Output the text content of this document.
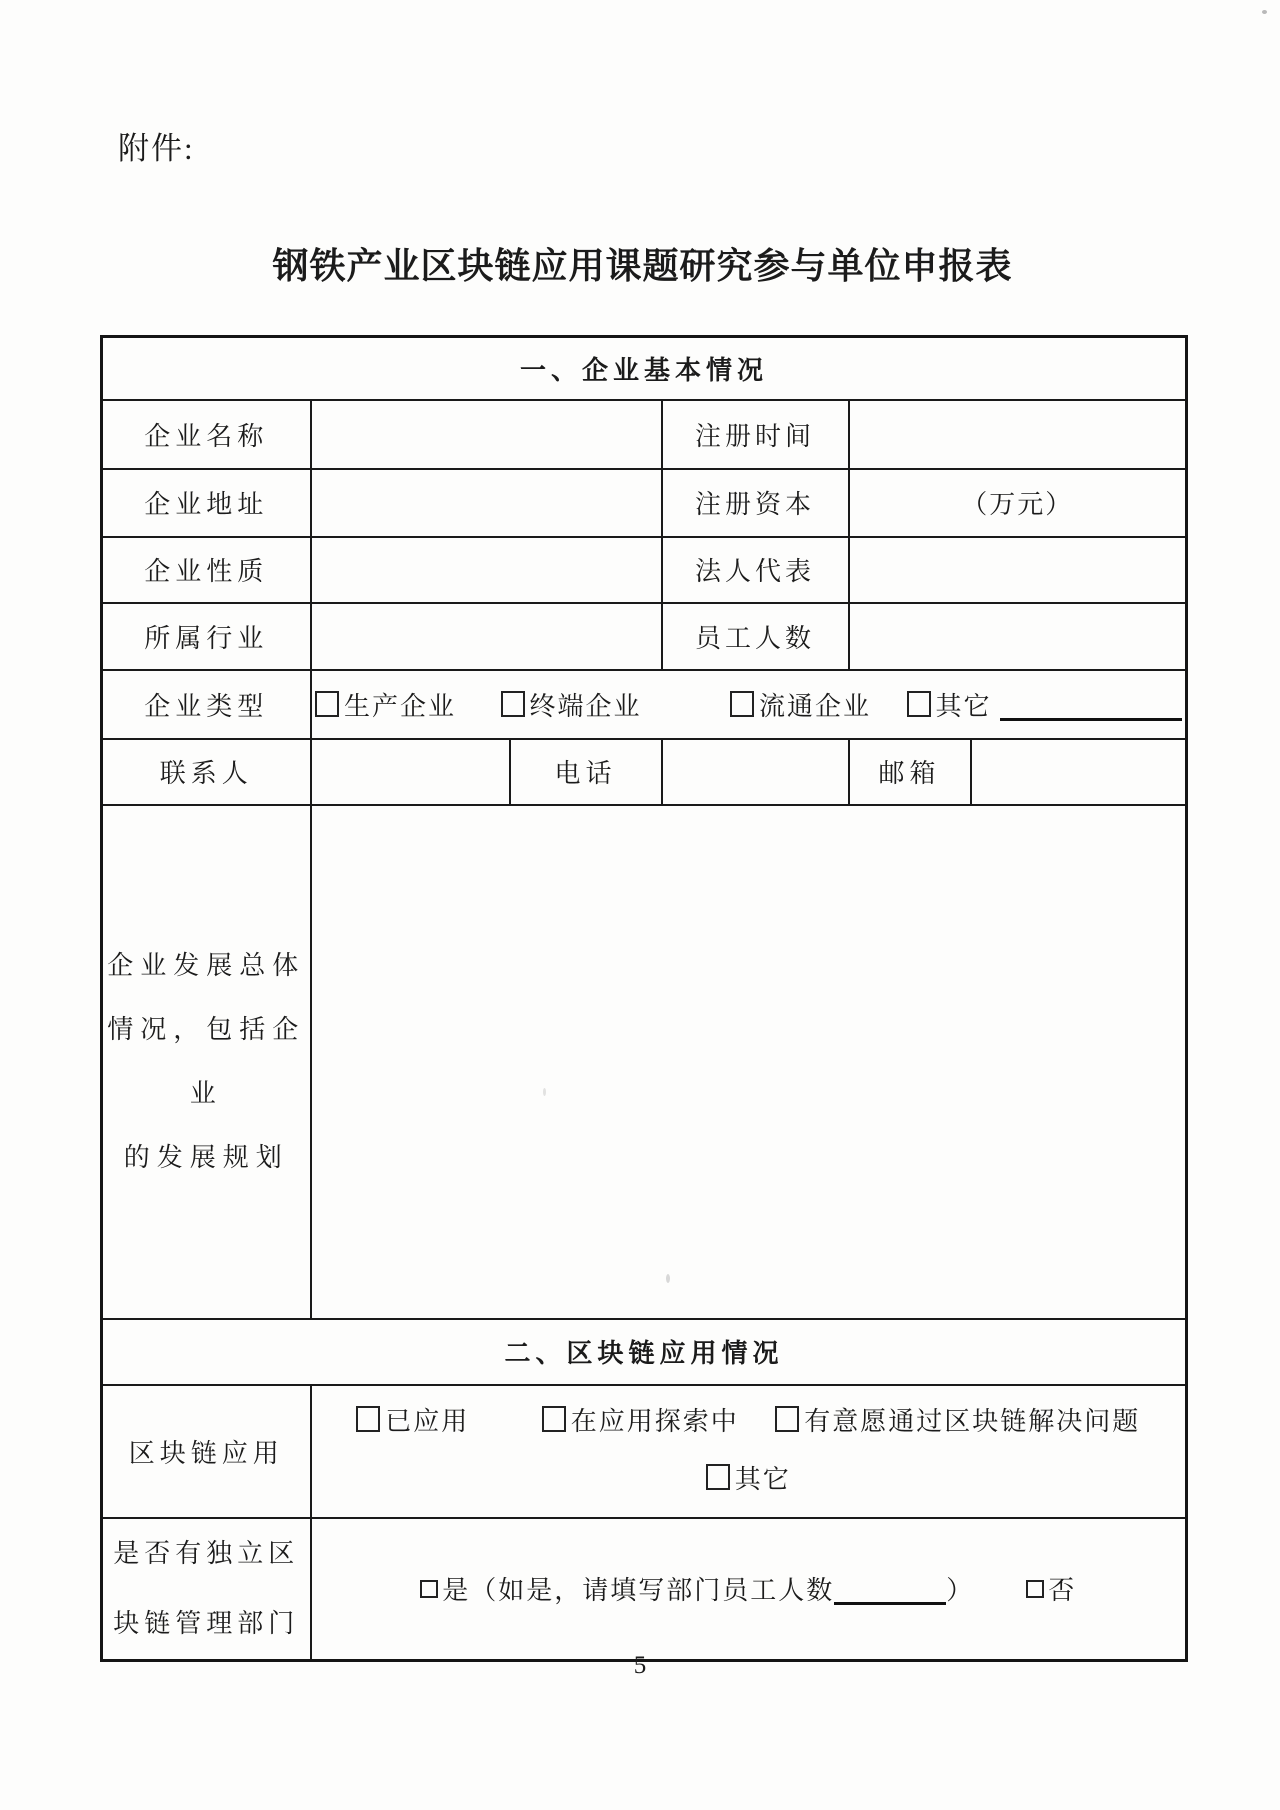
附件:
钢铁产业区块链应用课题研究参与单位申报表
一、企业基本情况					
企业名称			注册时间		
企业地址			注册资本	（万元）	
企业性质			法人代表		
所属行业			员工人数		
企业类型	生产企业 终端企业 流通企业 其它				
联系人		电话		邮箱	

企业发展总体
情况，包括企业
的发展规划					

二、区块链应用情况					
区块链应用	已应用 在应用探索中 有意愿通过区块链解决问题
其它				

是否有独立区
块链管理部门	是（如是，请填写部门员工人数 ） 否				
5
